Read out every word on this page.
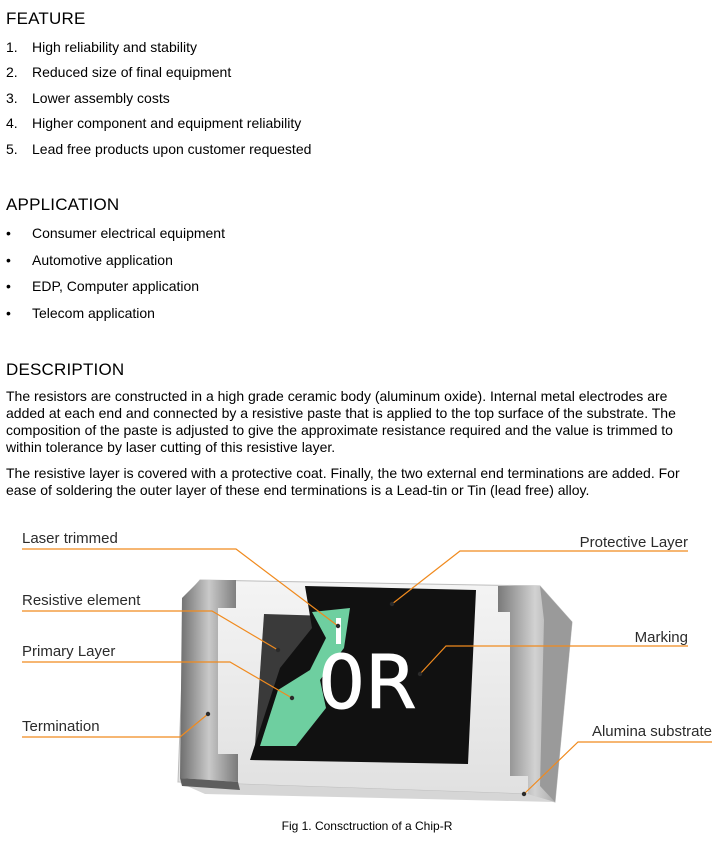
FEATURE
1. High reliability and stability
2. Reduced size of final equipment
3. Lower assembly costs
4. Higher component and equipment reliability
5. Lead free products upon customer requested
APPLICATION
• Consumer electrical equipment
• Automotive application
• EDP, Computer application
• Telecom application
DESCRIPTION
The resistors are constructed in a high grade ceramic body (aluminum oxide). Internal metal electrodes are
added at each end and connected by a resistive paste that is applied to the top surface of the substrate. The
composition of the paste is adjusted to give the approximate resistance required and the value is trimmed to
within tolerance by laser cutting of this resistive layer.
The resistive layer is covered with a protective coat. Finally, the two external end terminations are added. For
ease of soldering the outer layer of these end terminations is a Lead-tin or Tin (lead free) alloy.
0R
Laser trimmed
Resistive element
Primary Layer
Termination
Protective Layer
Marking
Alumina substrate
Fig 1. Consctruction of a Chip-R
